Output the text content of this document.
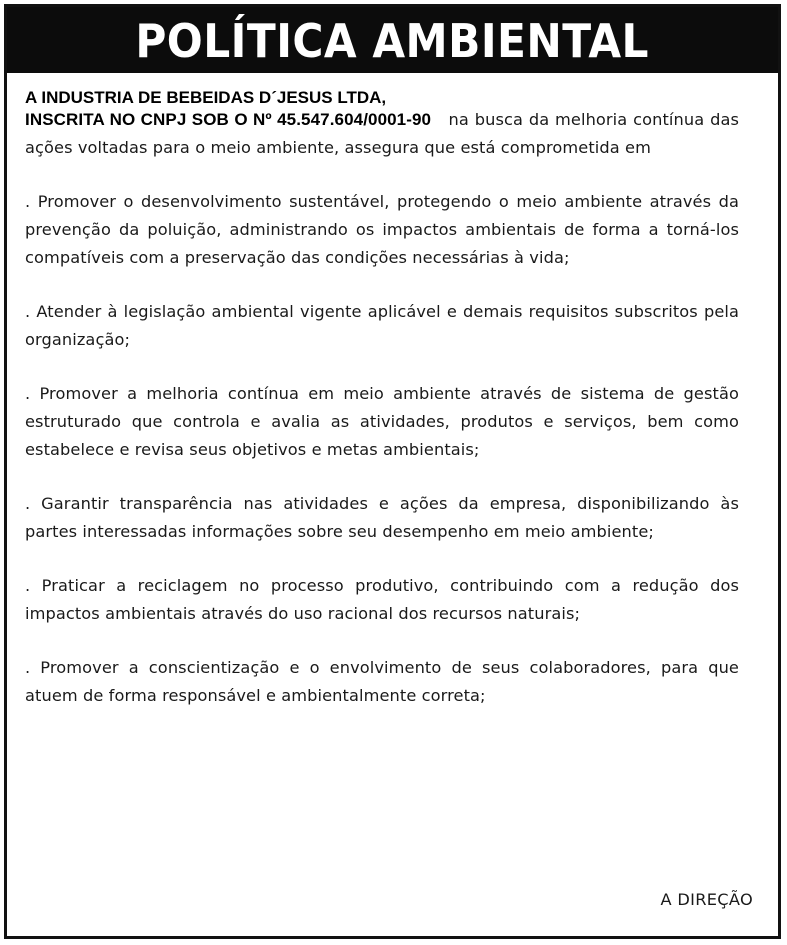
POLÍTICA AMBIENTAL
A INDUSTRIA DE BEBEIDAS D´JESUS LTDA,
INSCRITA NO CNPJ SOB O Nº 45.547.604/0001-90 na busca da melhoria contínua das ações voltadas para o meio ambiente, assegura que está comprometida em
. Promover o desenvolvimento sustentável, protegendo o meio ambiente através da prevenção da poluição, administrando os impactos ambientais de forma a torná-los compatíveis com a preservação das condições necessárias à vida;
. Atender à legislação ambiental vigente aplicável e demais requisitos subscritos pela organização;
. Promover a melhoria contínua em meio ambiente através de sistema de gestão estruturado que controla e avalia as atividades, produtos e serviços, bem como estabelece e revisa seus objetivos e metas ambientais;
. Garantir transparência nas atividades e ações da empresa, disponibilizando às partes interessadas informações sobre seu desempenho em meio ambiente;
. Praticar a reciclagem no processo produtivo, contribuindo com a redução dos impactos ambientais através do uso racional dos recursos naturais;
. Promover a conscientização e o envolvimento de seus colaboradores, para que atuem de forma responsável e ambientalmente correta;
A DIREÇÃO
